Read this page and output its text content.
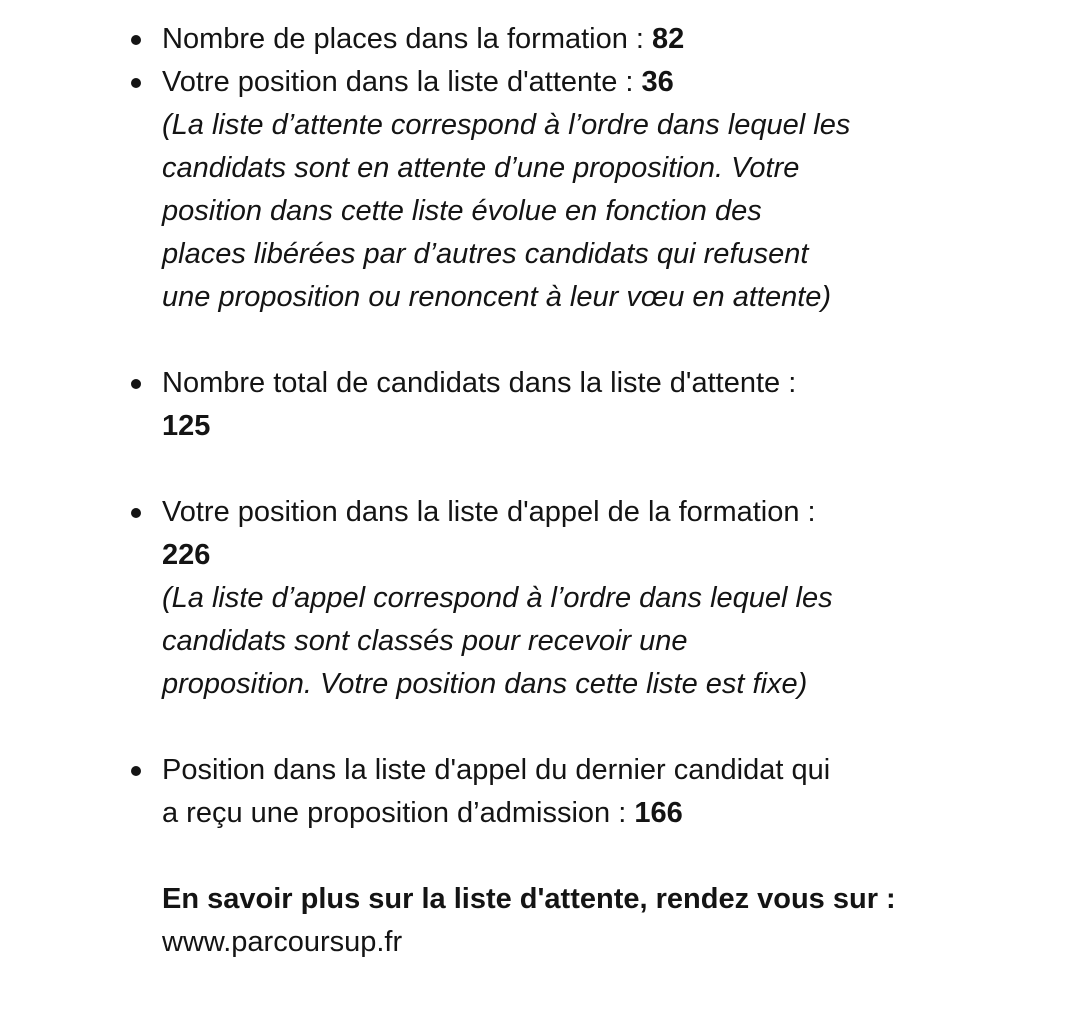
Nombre de places dans la formation : 82
Votre position dans la liste d'attente : 36
(La liste d’attente correspond à l’ordre dans lequel les
candidats sont en attente d’une proposition. Votre
position dans cette liste évolue en fonction des
places libérées par d’autres candidats qui refusent
une proposition ou renoncent à leur vœu en attente)
Nombre total de candidats dans la liste d'attente :
125
Votre position dans la liste d'appel de la formation :
226
(La liste d’appel correspond à l’ordre dans lequel les
candidats sont classés pour recevoir une
proposition. Votre position dans cette liste est fixe)
Position dans la liste d'appel du dernier candidat qui
a reçu une proposition d’admission : 166
En savoir plus sur la liste d'attente, rendez vous sur :
www.parcoursup.fr
